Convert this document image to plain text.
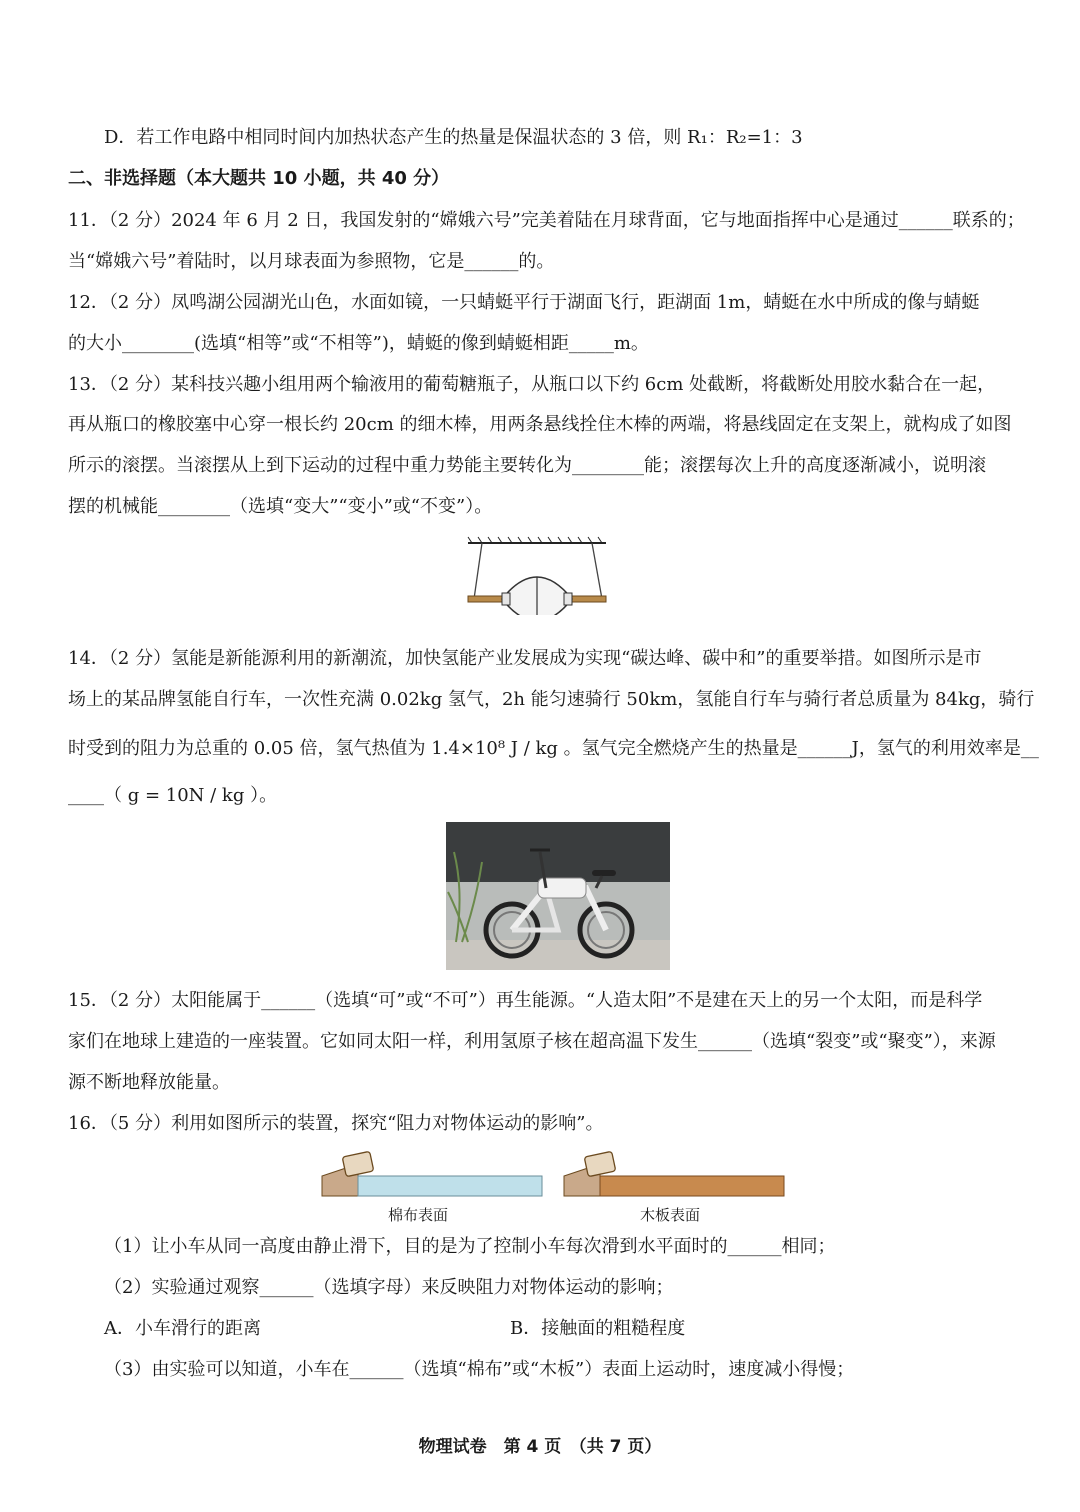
D．若工作电路中相同时间内加热状态产生的热量是保温状态的 3 倍，则 R₁：R₂=1：3
二、非选择题（本大题共 10 小题，共 40 分）
11．（2 分）2024 年 6 月 2 日，我国发射的“嫦娥六号”完美着陆在月球背面，它与地面指挥中心是通过______联系的；
当“嫦娥六号”着陆时，以月球表面为参照物，它是______的。
12．（2 分）凤鸣湖公园湖光山色，水面如镜，一只蜻蜓平行于湖面飞行，距湖面 1m，蜻蜓在水中所成的像与蜻蜓
的大小________(选填“相等”或“不相等”)，蜻蜓的像到蜻蜓相距_____m。
13．（2 分）某科技兴趣小组用两个输液用的葡萄糖瓶子，从瓶口以下约 6cm 处截断，将截断处用胶水黏合在一起，
再从瓶口的橡胶塞中心穿一根长约 20cm 的细木棒，用两条悬线拴住木棒的两端，将悬线固定在支架上，就构成了如图
所示的滚摆。当滚摆从上到下运动的过程中重力势能主要转化为________能；滚摆每次上升的高度逐渐减小，说明滚
摆的机械能________（选填“变大”“变小”或“不变”）。
14．（2 分）氢能是新能源利用的新潮流，加快氢能产业发展成为实现“碳达峰、碳中和”的重要举措。如图所示是市
场上的某品牌氢能自行车，一次性充满 0.02kg 氢气，2h 能匀速骑行 50km，氢能自行车与骑行者总质量为 84kg，骑行
时受到的阻力为总重的 0.05 倍，氢气热值为 1.4×10⁸ J / kg 。氢气完全燃烧产生的热量是______J，氢气的利用效率是__
____（ g = 10N / kg ）。
15．（2 分）太阳能属于______（选填“可”或“不可”）再生能源。“人造太阳”不是建在天上的另一个太阳，而是科学
家们在地球上建造的一座装置。它如同太阳一样，利用氢原子核在超高温下发生______（选填“裂变”或“聚变”），来源
源不断地释放能量。
16．（5 分）利用如图所示的装置，探究“阻力对物体运动的影响”。
棉布表面	木板表面
（1）让小车从同一高度由静止滑下，目的是为了控制小车每次滑到水平面时的______相同；
（2）实验通过观察______（选填字母）来反映阻力对物体运动的影响；
A．小车滑行的距离	B．接触面的粗糙程度
（3）由实验可以知道，小车在______（选填“棉布”或“木板”）表面上运动时，速度减小得慢；
物理试卷　第 4 页　（共 7 页）
